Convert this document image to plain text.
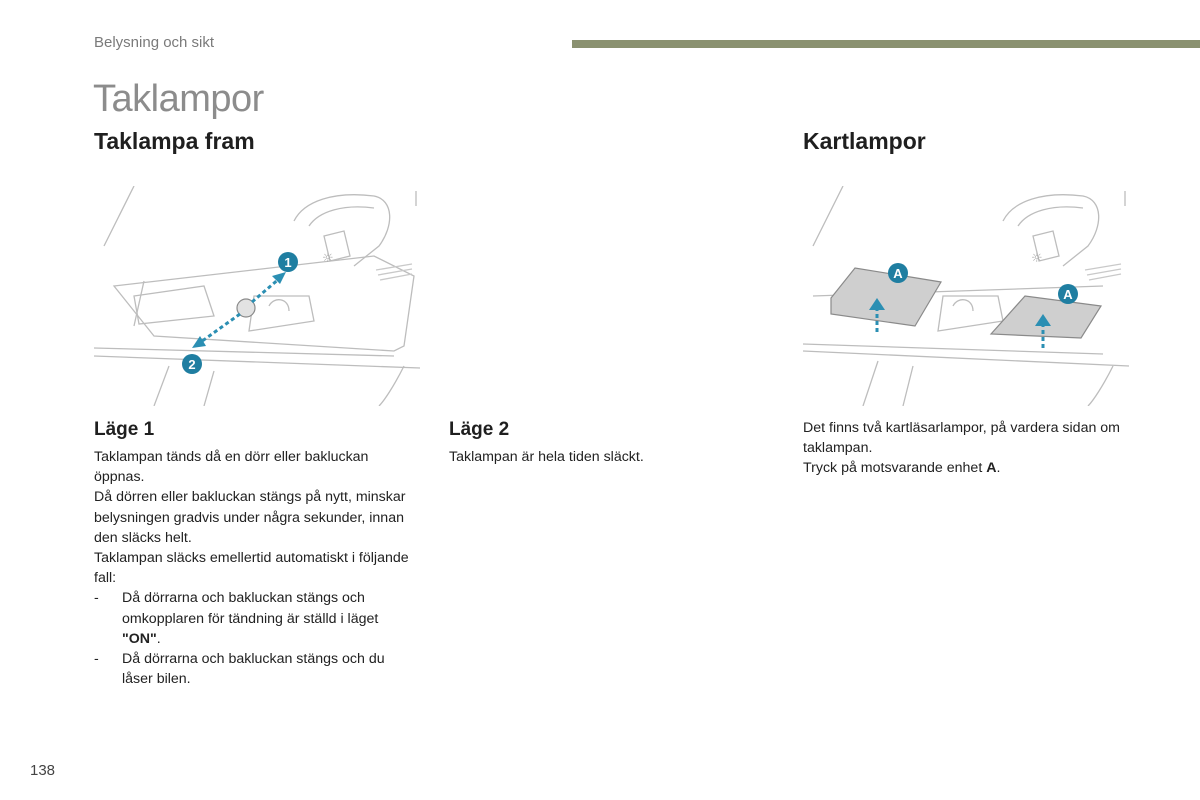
Belysning och sikt
Taklampor
Taklampa fram	Kartlampor
☼
1
2
☼
A
A
Läge 1

Taklampan tänds då en dörr eller bakluckan öppnas.

Då dörren eller bakluckan stängs på nytt, minskar belysningen gradvis under några sekunder, innan den släcks helt.

Taklampan släcks emellertid automatiskt i följande fall:

- Då dörrarna och bakluckan stängs och omkopplaren för tändning är ställd i läget "ON".
- Då dörrarna och bakluckan stängs och du låser bilen.
Läge 2
Taklampan är hela tiden släckt.

Det finns två kartläsarlampor, på vardera sidan om taklampan.

Tryck på motsvarande enhet A.

138
